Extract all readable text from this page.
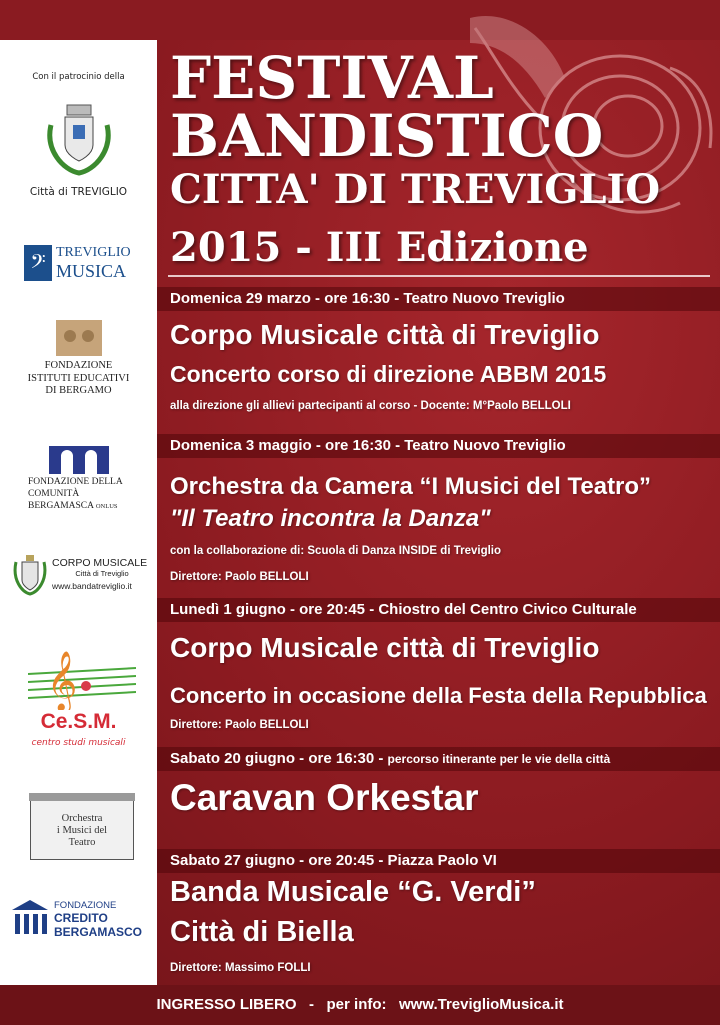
FESTIVAL
BANDISTICO
CITTA' DI TREVIGLIO
2015 - III Edizione
Domenica 29 marzo - ore 16:30 - Teatro Nuovo Treviglio
Corpo Musicale città di Treviglio
Concerto corso di direzione ABBM 2015
alla direzione gli allievi partecipanti al corso - Docente: M°Paolo BELLOLI
Domenica 3 maggio - ore 16:30 - Teatro Nuovo Treviglio
Orchestra da Camera “I Musici del Teatro”
"Il Teatro incontra la Danza"
con la collaborazione di: Scuola di Danza INSIDE di Treviglio
Direttore: Paolo BELLOLI
Lunedì 1 giugno - ore 20:45 - Chiostro del Centro Civico Culturale
Corpo Musicale città di Treviglio
Concerto in occasione della Festa della Repubblica
Direttore: Paolo BELLOLI
Sabato 20 giugno - ore 16:30 - percorso itinerante per le vie della città
Caravan Orkestar
Sabato 27 giugno - ore 20:45 - Piazza Paolo VI
Banda Musicale “G. Verdi”
Città di Biella
Direttore: Massimo FOLLI
Con il patrocinio della
Città di TREVIGLIO
𝄢 TREVIGLIO
MUSICA
FONDAZIONE
ISTITUTI EDUCATIVI
DI BERGAMO
FONDAZIONE DELLA
COMUNITÀ
BERGAMASCA ONLUS
CORPO MUSICALE
Città di Treviglio
www.bandatreviglio.it
𝄞
Ce.S.M.
centro studi musicali
Orchestra
i Musici del
Teatro
FONDAZIONE
CREDITO
BERGAMASCO
INGRESSO LIBERO   -   per info:   www.TreviglioMusica.it
